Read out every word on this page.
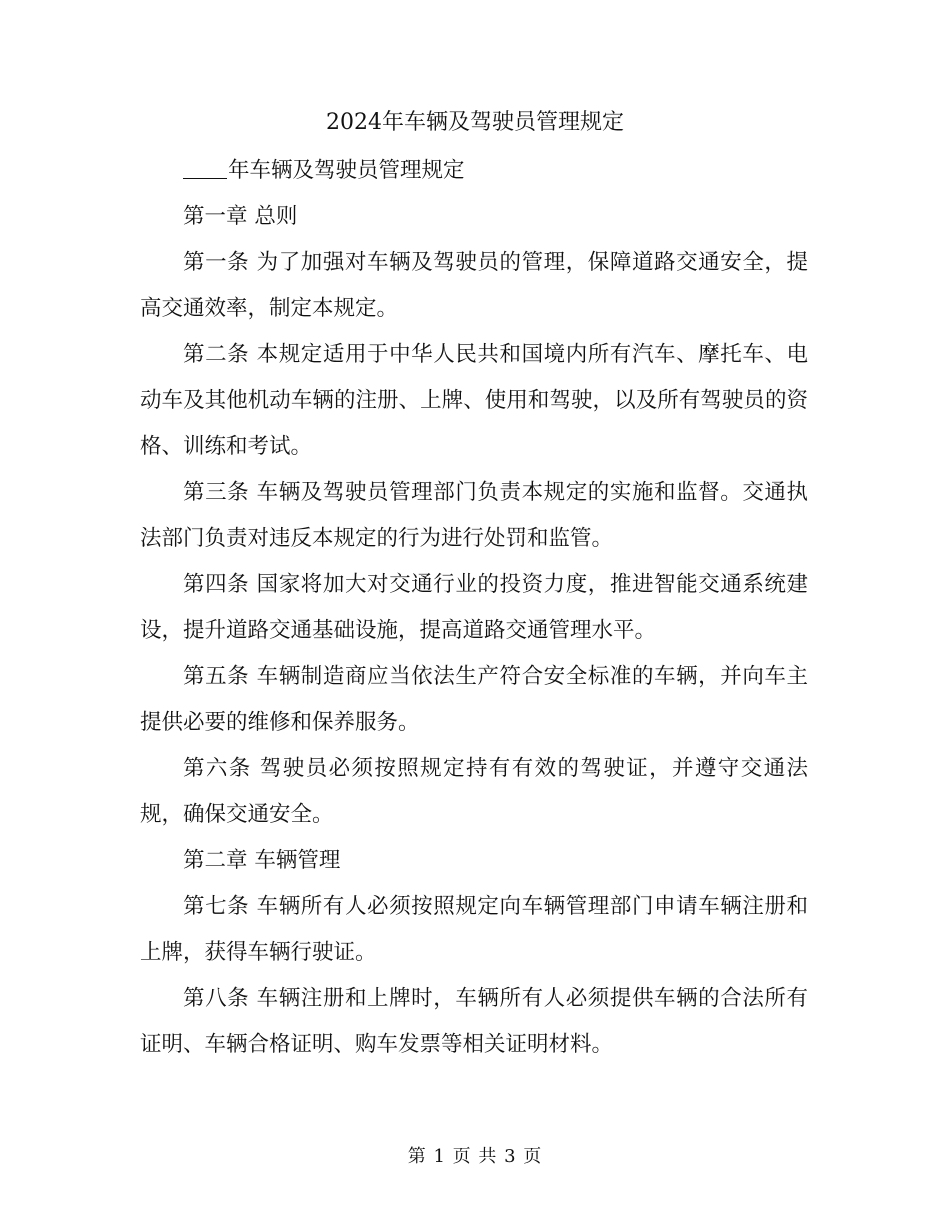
2024年车辆及驾驶员管理规定

年车辆及驾驶员管理规定

第一章 总则

第一条 为了加强对车辆及驾驶员的管理，保障道路交通安全，提高交通效率，制定本规定。

第二条 本规定适用于中华人民共和国境内所有汽车、摩托车、电动车及其他机动车辆的注册、上牌、使用和驾驶，以及所有驾驶员的资格、训练和考试。

第三条 车辆及驾驶员管理部门负责本规定的实施和监督。交通执法部门负责对违反本规定的行为进行处罚和监管。

第四条 国家将加大对交通行业的投资力度，推进智能交通系统建设，提升道路交通基础设施，提高道路交通管理水平。

第五条 车辆制造商应当依法生产符合安全标准的车辆，并向车主提供必要的维修和保养服务。

第六条 驾驶员必须按照规定持有有效的驾驶证，并遵守交通法规，确保交通安全。

第二章 车辆管理

第七条 车辆所有人必须按照规定向车辆管理部门申请车辆注册和上牌，获得车辆行驶证。

第八条 车辆注册和上牌时，车辆所有人必须提供车辆的合法所有证明、车辆合格证明、购车发票等相关证明材料。

第 1 页 共 3 页
